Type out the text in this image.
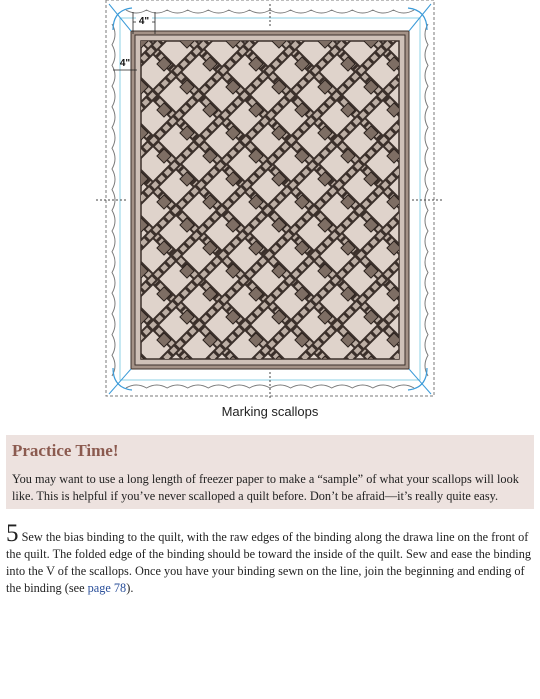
4"
4"
Marking scallops
Practice Time!
You may want to use a long length of freezer paper to make a “sample” of what your scallops will look like. This is helpful if you’ve never scalloped a quilt before. Don’t be afraid—it’s really quite easy.
5 Sew the bias binding to the quilt, with the raw edges of the binding along the drawa line on the front of the quilt. The folded edge of the binding should be toward the inside of the quilt. Sew and ease the binding into the V of the scallops. Once you have your binding sewn on the line, join the beginning and ending of the binding (see page 78).
